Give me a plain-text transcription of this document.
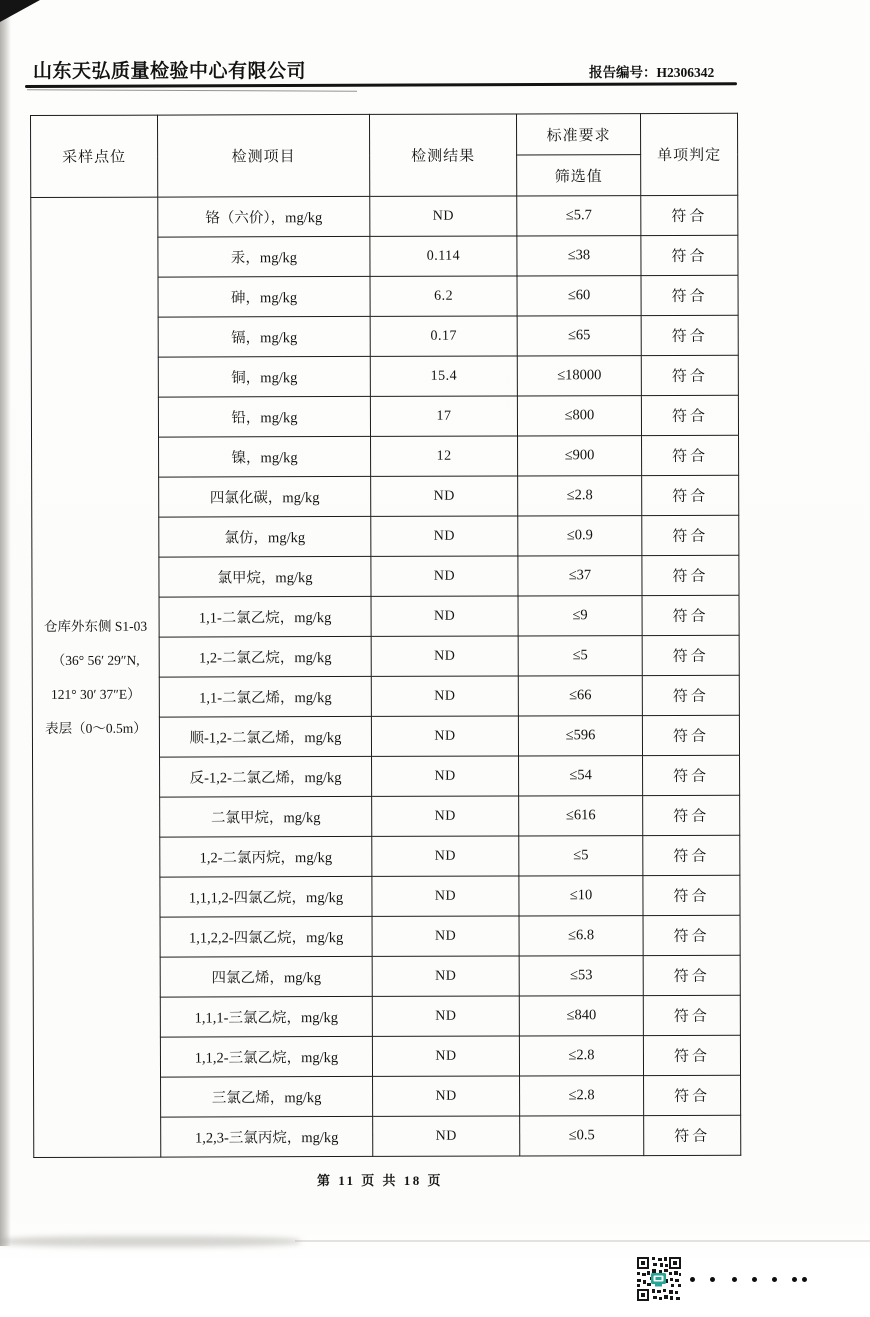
山东天弘质量检验中心有限公司	报告编号：H2306342
采样点位	检测项目	检测结果	标准要求	单项判定
			筛选值	

仓库外东侧 S1-03
（36° 56′ 29″N,
121° 30′ 37″E）
表层（0～0.5m）	铬（六价），mg/kg	ND	≤5.7	符合
	汞，mg/kg	0.114	≤38	符合
	砷，mg/kg	6.2	≤60	符合
	镉，mg/kg	0.17	≤65	符合
	铜，mg/kg	15.4	≤18000	符合
	铅，mg/kg	17	≤800	符合
	镍，mg/kg	12	≤900	符合
	四氯化碳，mg/kg	ND	≤2.8	符合
	氯仿，mg/kg	ND	≤0.9	符合
	氯甲烷，mg/kg	ND	≤37	符合
	1,1-二氯乙烷，mg/kg	ND	≤9	符合
	1,2-二氯乙烷，mg/kg	ND	≤5	符合
	1,1-二氯乙烯，mg/kg	ND	≤66	符合
	顺-1,2-二氯乙烯，mg/kg	ND	≤596	符合
	反-1,2-二氯乙烯，mg/kg	ND	≤54	符合
	二氯甲烷，mg/kg	ND	≤616	符合
	1,2-二氯丙烷，mg/kg	ND	≤5	符合
	1,1,1,2-四氯乙烷，mg/kg	ND	≤10	符合
	1,1,2,2-四氯乙烷，mg/kg	ND	≤6.8	符合
	四氯乙烯，mg/kg	ND	≤53	符合
	1,1,1-三氯乙烷，mg/kg	ND	≤840	符合
	1,1,2-三氯乙烷，mg/kg	ND	≤2.8	符合
	三氯乙烯，mg/kg	ND	≤2.8	符合
	1,2,3-三氯丙烷，mg/kg	ND	≤0.5	符合
第 11 页 共 18 页
